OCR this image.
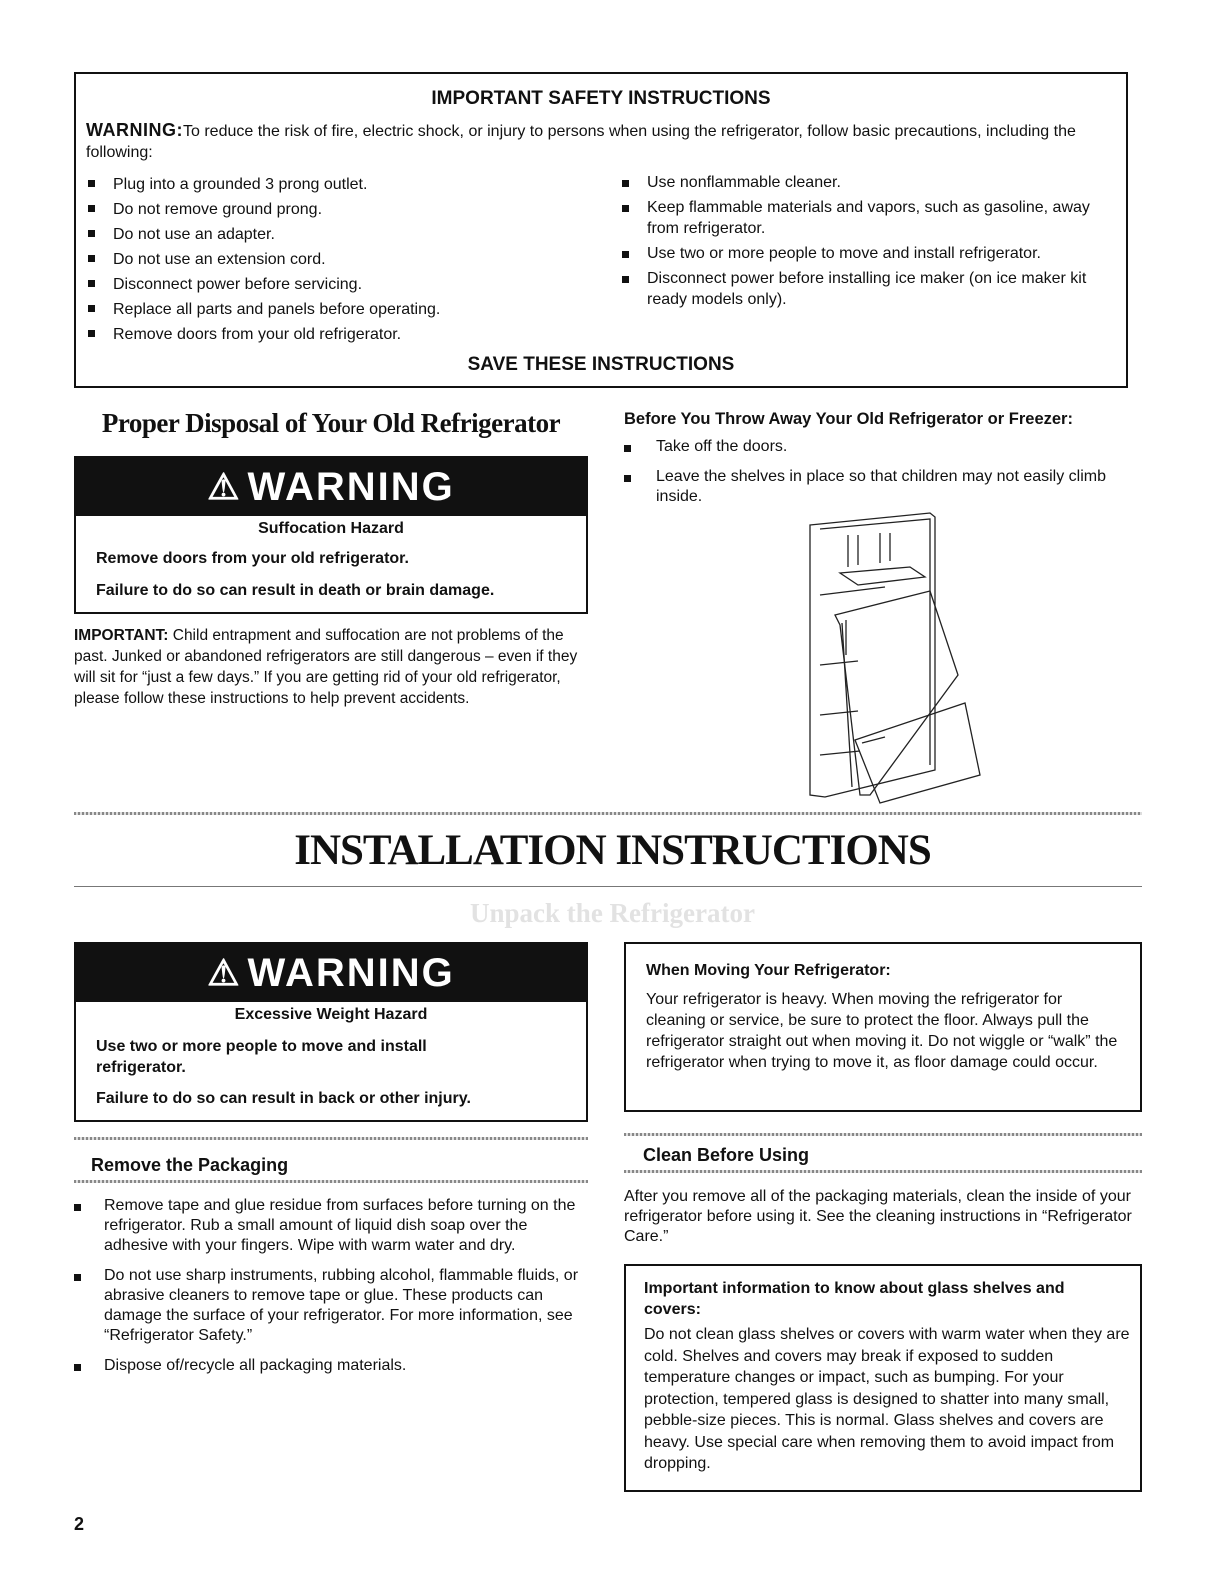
IMPORTANT SAFETY INSTRUCTIONS
WARNING:To reduce the risk of fire, electric shock, or injury to persons when using the refrigerator, follow basic precautions, including the following:
Plug into a grounded 3 prong outlet.
Do not remove ground prong.
Do not use an adapter.
Do not use an extension cord.
Disconnect power before servicing.
Replace all parts and panels before operating.
Remove doors from your old refrigerator.
Use nonflammable cleaner.
Keep flammable materials and vapors, such as gasoline, away from refrigerator.
Use two or more people to move and install refrigerator.
Disconnect power before installing ice maker (on ice maker kit ready models only).
SAVE THESE INSTRUCTIONS
Proper Disposal of Your Old Refrigerator
⚠ WARNING
Suffocation Hazard
Remove doors from your old refrigerator.
Failure to do so can result in death or brain damage.
IMPORTANT: Child entrapment and suffocation are not problems of the past. Junked or abandoned refrigerators are still dangerous – even if they will sit for “just a few days.” If you are getting rid of your old refrigerator, please follow these instructions to help prevent accidents.
Before You Throw Away Your Old Refrigerator or Freezer:
Take off the doors.
Leave the shelves in place so that children may not easily climb inside.
INSTALLATION INSTRUCTIONS
Unpack the Refrigerator
⚠ WARNING
Excessive Weight Hazard
Use two or more people to move and install refrigerator.
Failure to do so can result in back or other injury.
When Moving Your Refrigerator:
Your refrigerator is heavy. When moving the refrigerator for cleaning or service, be sure to protect the floor. Always pull the refrigerator straight out when moving it. Do not wiggle or “walk” the refrigerator when trying to move it, as floor damage could occur.
Remove the Packaging
Remove tape and glue residue from surfaces before turning on the refrigerator. Rub a small amount of liquid dish soap over the adhesive with your fingers. Wipe with warm water and dry.
Do not use sharp instruments, rubbing alcohol, flammable fluids, or abrasive cleaners to remove tape or glue. These products can damage the surface of your refrigerator. For more information, see “Refrigerator Safety.”
Dispose of/recycle all packaging materials.
Clean Before Using
After you remove all of the packaging materials, clean the inside of your refrigerator before using it. See the cleaning instructions in “Refrigerator Care.”
Important information to know about glass shelves and covers:
Do not clean glass shelves or covers with warm water when they are cold. Shelves and covers may break if exposed to sudden temperature changes or impact, such as bumping. For your protection, tempered glass is designed to shatter into many small, pebble-size pieces. This is normal. Glass shelves and covers are heavy. Use special care when removing them to avoid impact from dropping.
2
